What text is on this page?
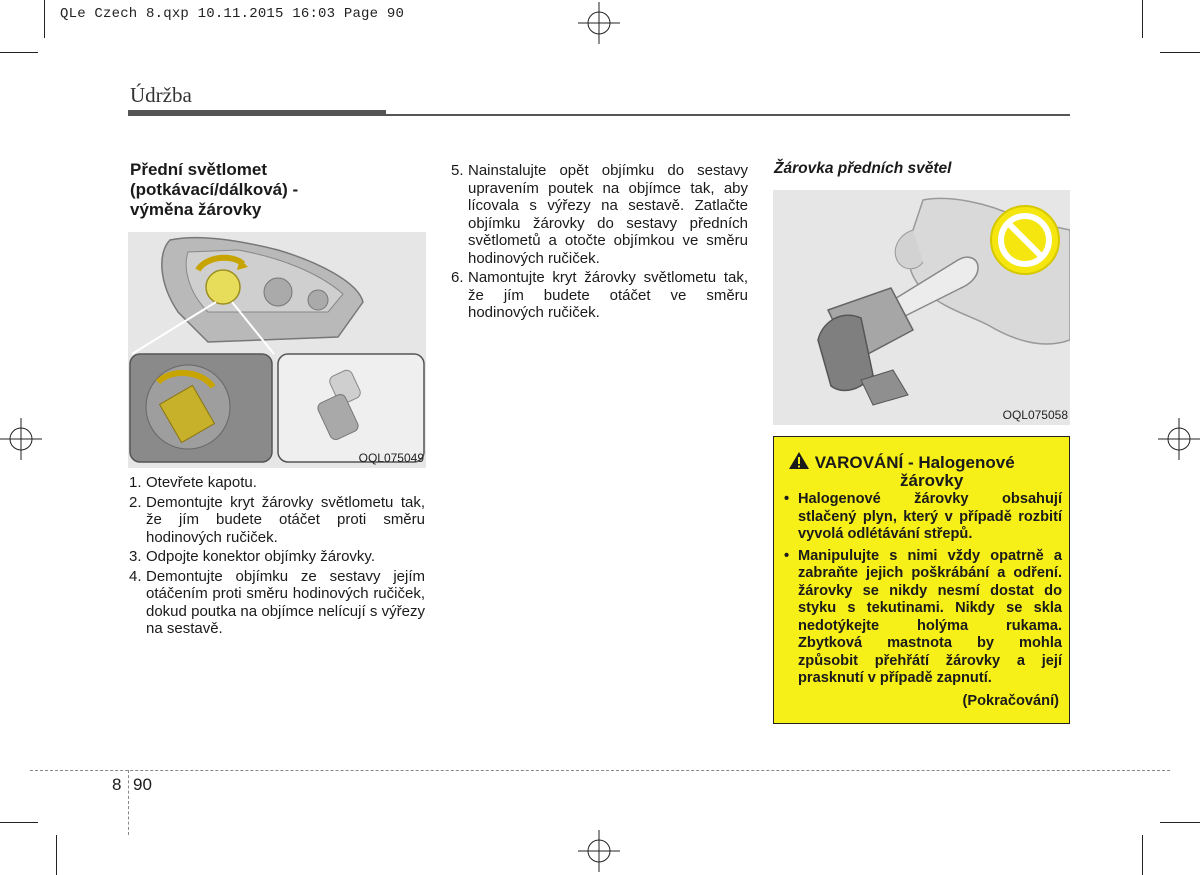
QLe Czech 8.qxp 10.11.2015 16:03 Page 90
Údržba
Přední světlomet
(potkávací/dálková) -
výměna žárovky
OQL075049
1. Otevřete kapotu.
2. Demontujte kryt žárovky světlometu tak, že jím budete otáčet proti směru hodinových ručiček.
3. Odpojte konektor objímky žárovky.
4. Demontujte objímku ze sestavy jejím otáčením proti směru hodinových ručiček, dokud poutka na objímce nelícují s výřezy na sestavě.
5. Nainstalujte opět objímku do sestavy upravením poutek na objímce tak, aby lícovala s výřezy na sestavě. Zatlačte objímku žárovky do sestavy předních světlometů a otočte objímkou ve směru hodinových ručiček.
6. Namontujte kryt žárovky světlometu tak, že jím budete otáčet ve směru hodinových ručiček.
Žárovka předních světel
OQL075058
VAROVÁNÍ - Halogenové
žárovky
• Halogenové žárovky obsahují stlačený plyn, který v případě rozbití vyvolá odlétávání střepů.
• Manipulujte s nimi vždy opatrně a zabraňte jejich poškrábání a odření. žárovky se nikdy nesmí dostat do styku s tekutinami. Nikdy se skla nedotýkejte holýma rukama. Zbytková mastnota by mohla způsobit přehřátí žárovky a její prasknutí v případě zapnutí.
(Pokračování)
8 90
